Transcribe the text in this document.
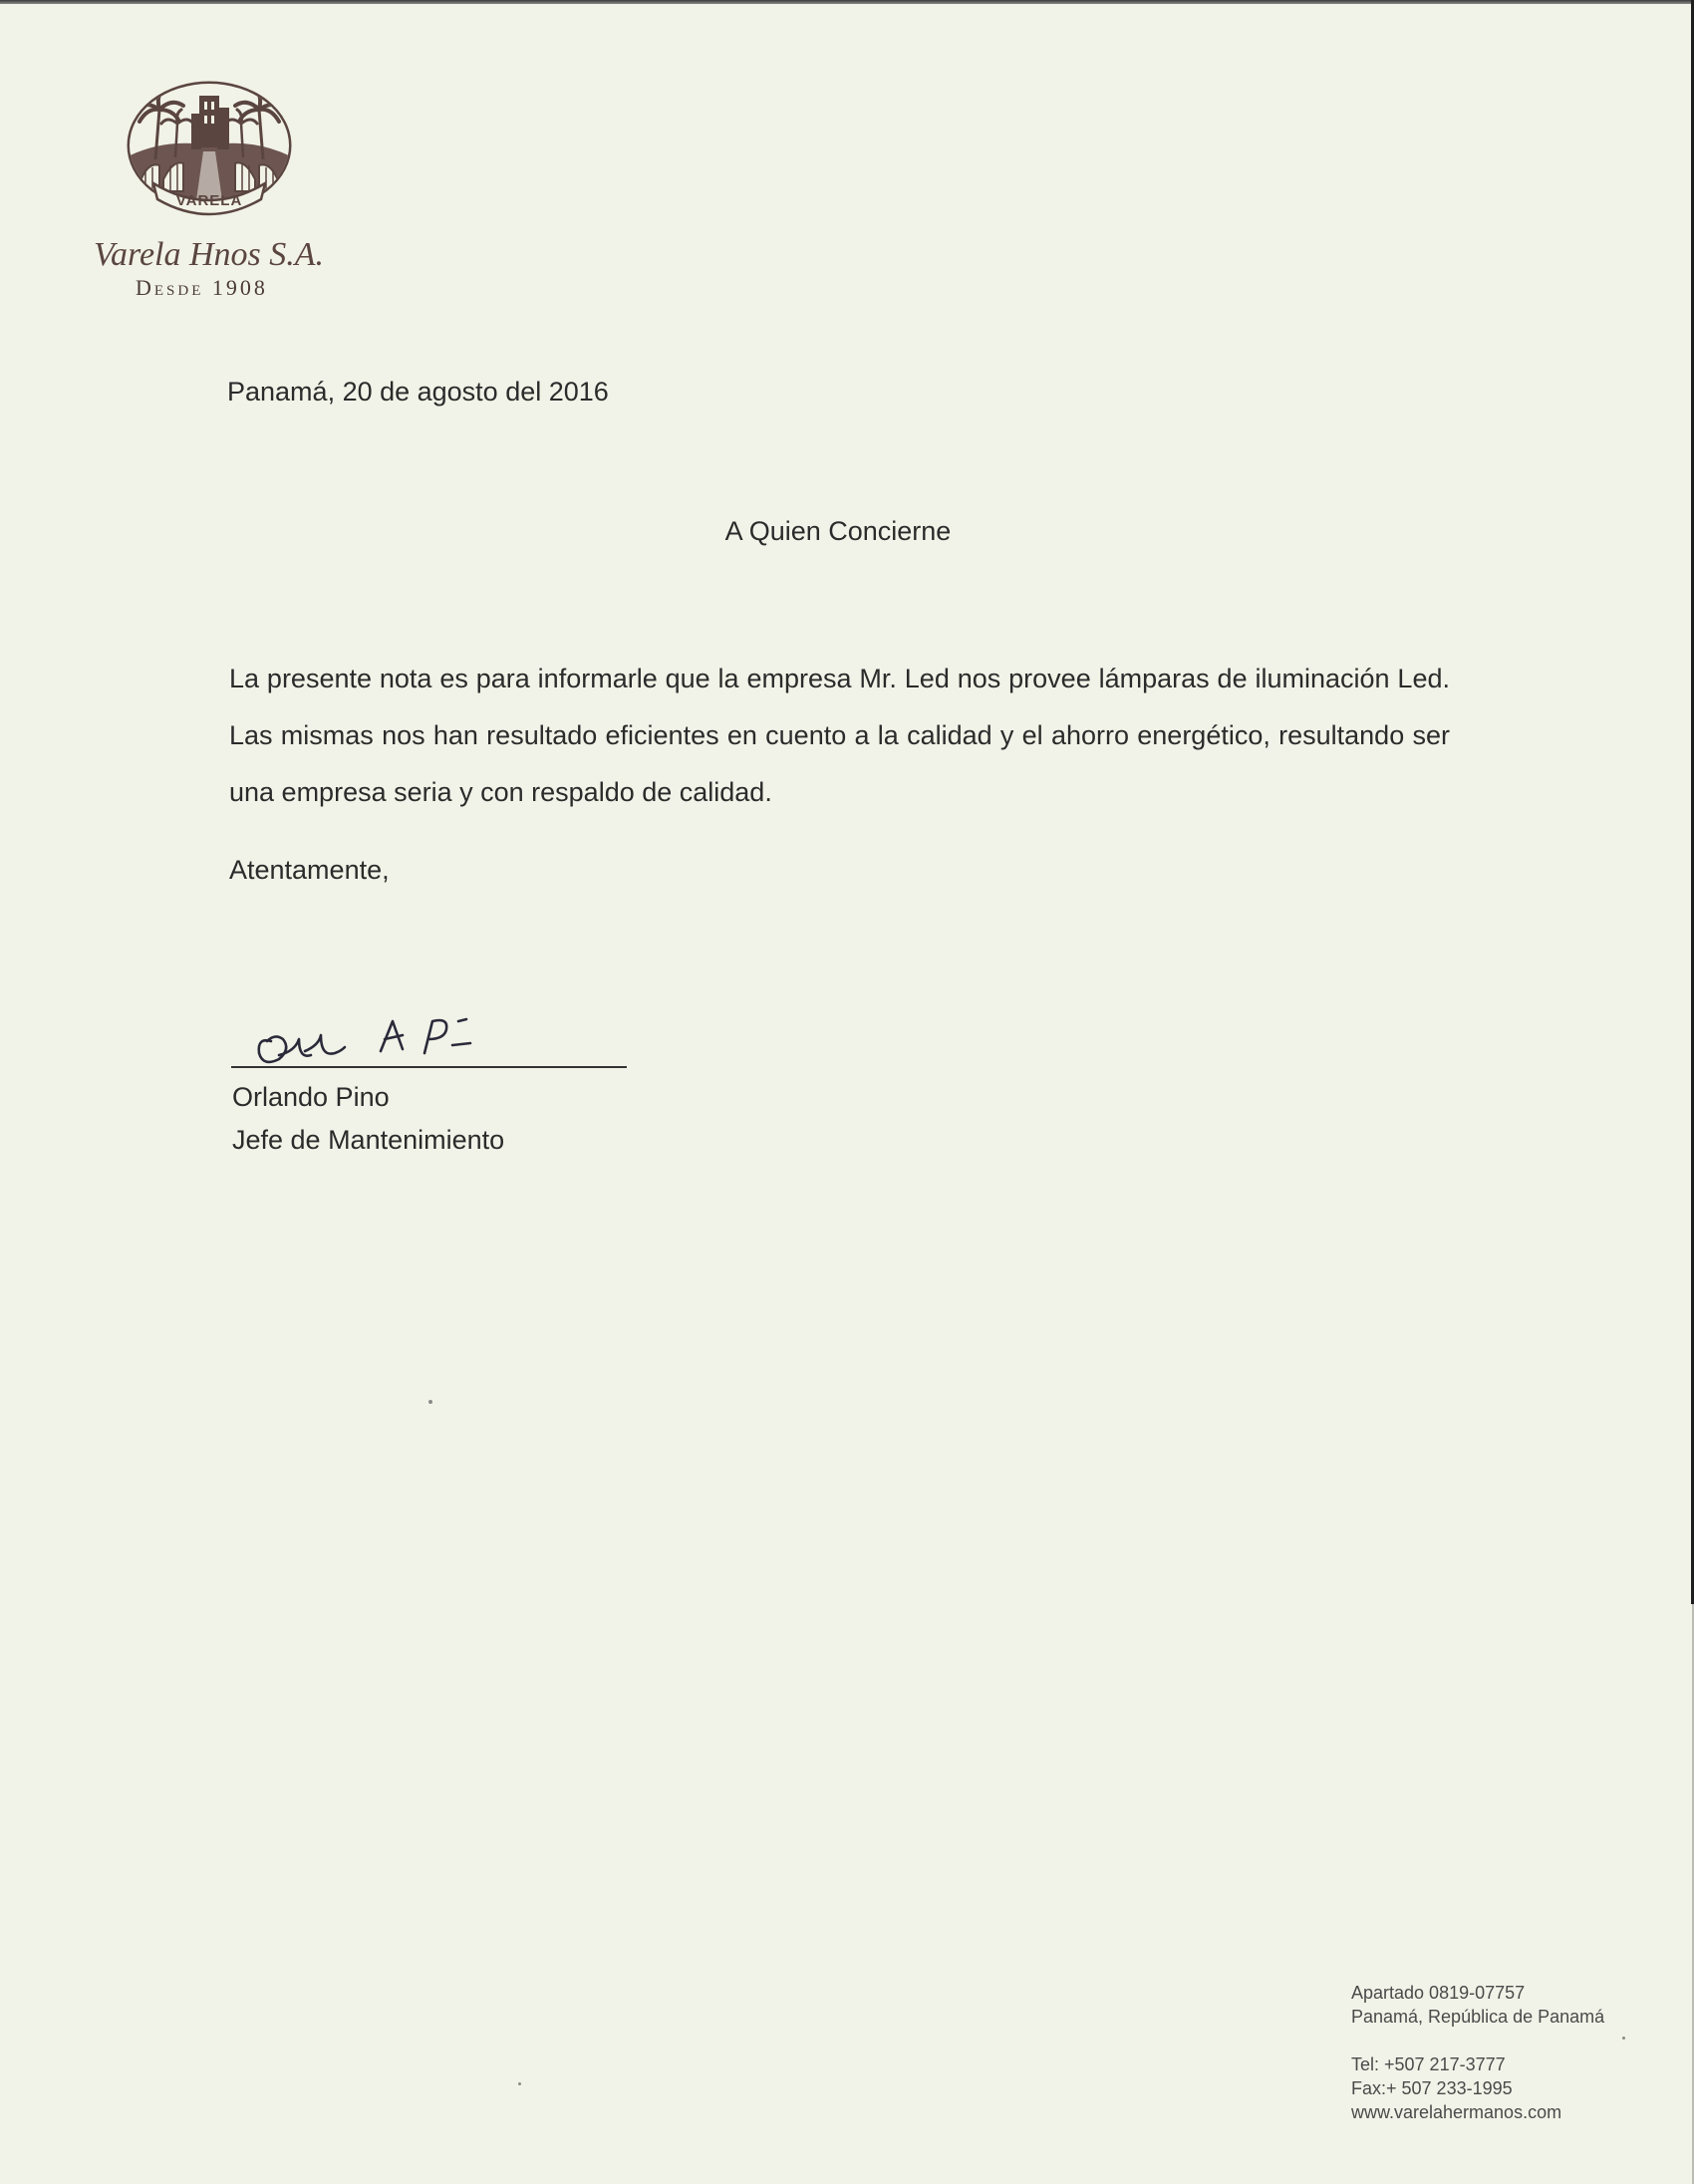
VARELA
Varela Hnos S.A.
Desde 1908
Panamá, 20 de agosto del 2016
A Quien Concierne
La presente nota es para informarle que la empresa Mr. Led nos provee lámparas de iluminación Led. Las mismas nos han resultado eficientes en cuento a la calidad y el ahorro energético, resultando ser una empresa seria y con respaldo de calidad.
Atentamente,
Orlando Pino
Jefe de Mantenimiento
Apartado 0819-07757
Panamá, República de Panamá
Tel: +507 217-3777
Fax:+ 507 233-1995
www.varelahermanos.com
